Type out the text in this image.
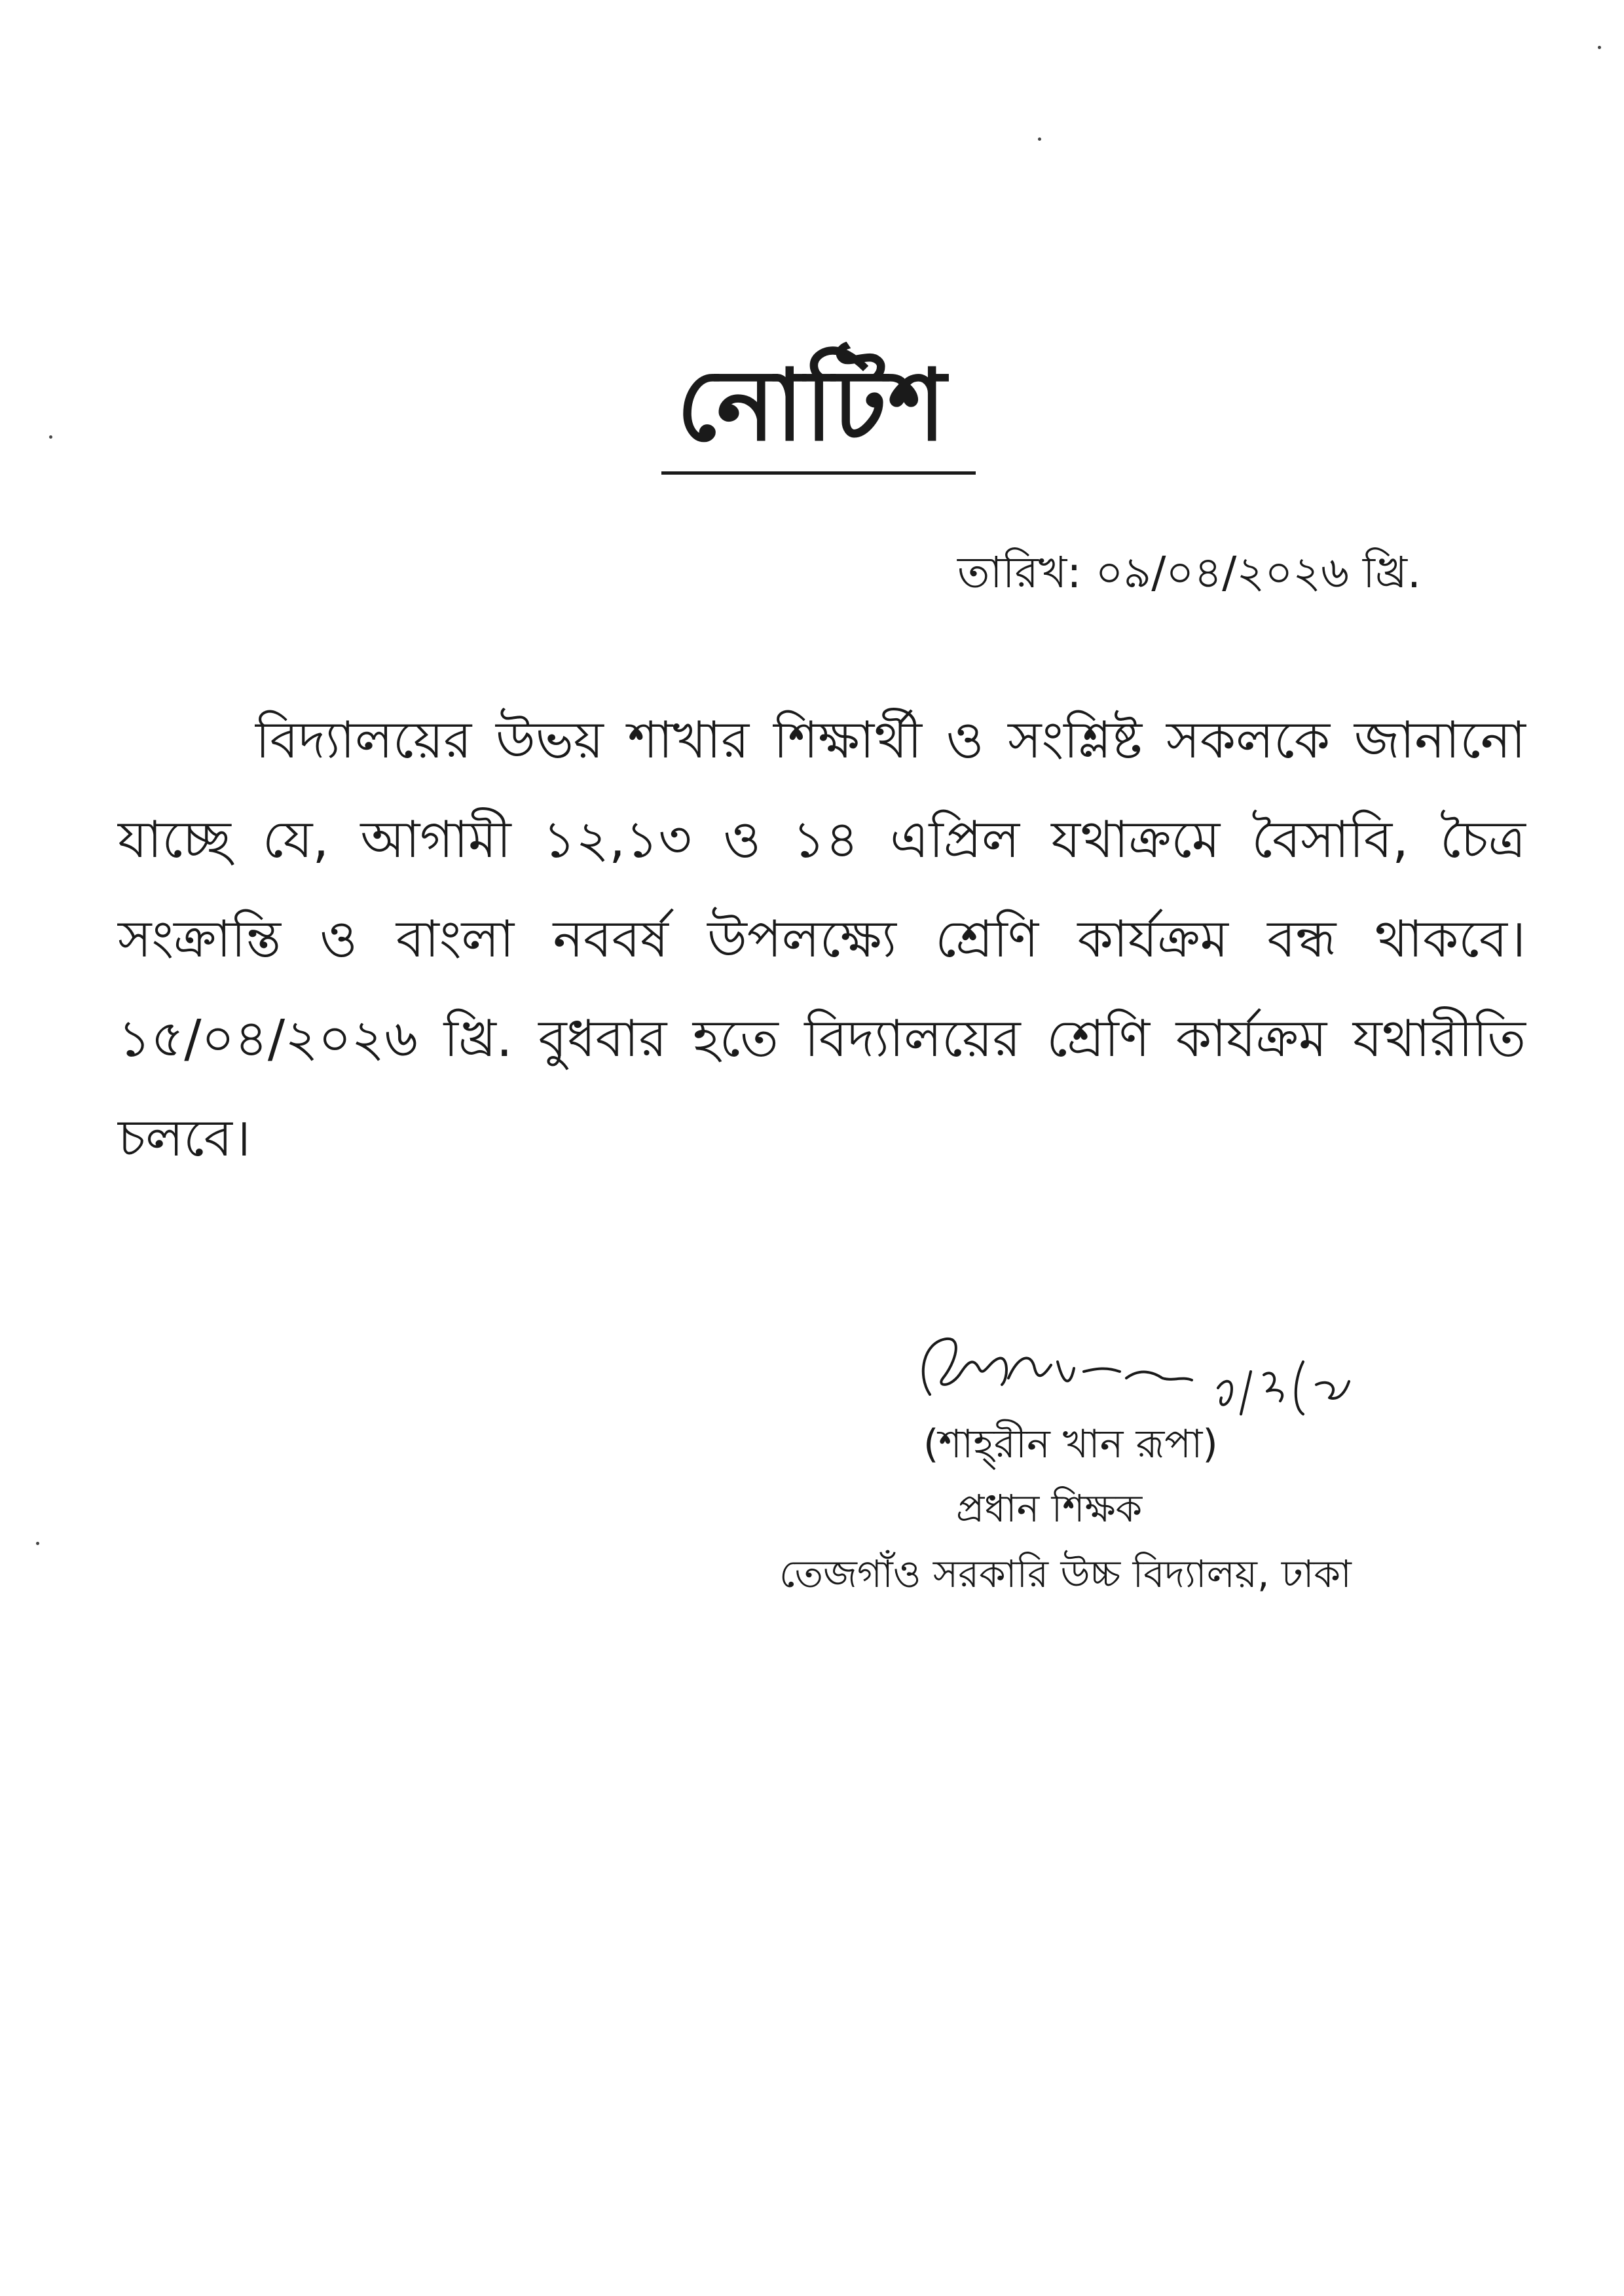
নোটিশ
তারিখ: ০৯/০৪/২০২৬ খ্রি.
বিদ্যালয়ের উভয় শাখার শিক্ষার্থী ও সংশ্লিষ্ট সকলকে জানানো যাচ্ছে যে, আগামী ১২,১৩ ও ১৪ এপ্রিল যথাক্রমে বৈসাবি, চৈত্র সংক্রান্তি ও বাংলা নববর্ষ উপলক্ষ্যে শ্রেণি কার্যক্রম বন্ধ থাকবে। ১৫/০৪/২০২৬ খ্রি. বুধবার হতে বিদ্যালয়ের শ্রেণি কার্যক্রম যথারীতি চলবে।
(শাহ্‌রীন খান রূপা)
প্রধান শিক্ষক
তেজগাঁও সরকারি উচ্চ বিদ্যালয়, ঢাকা
